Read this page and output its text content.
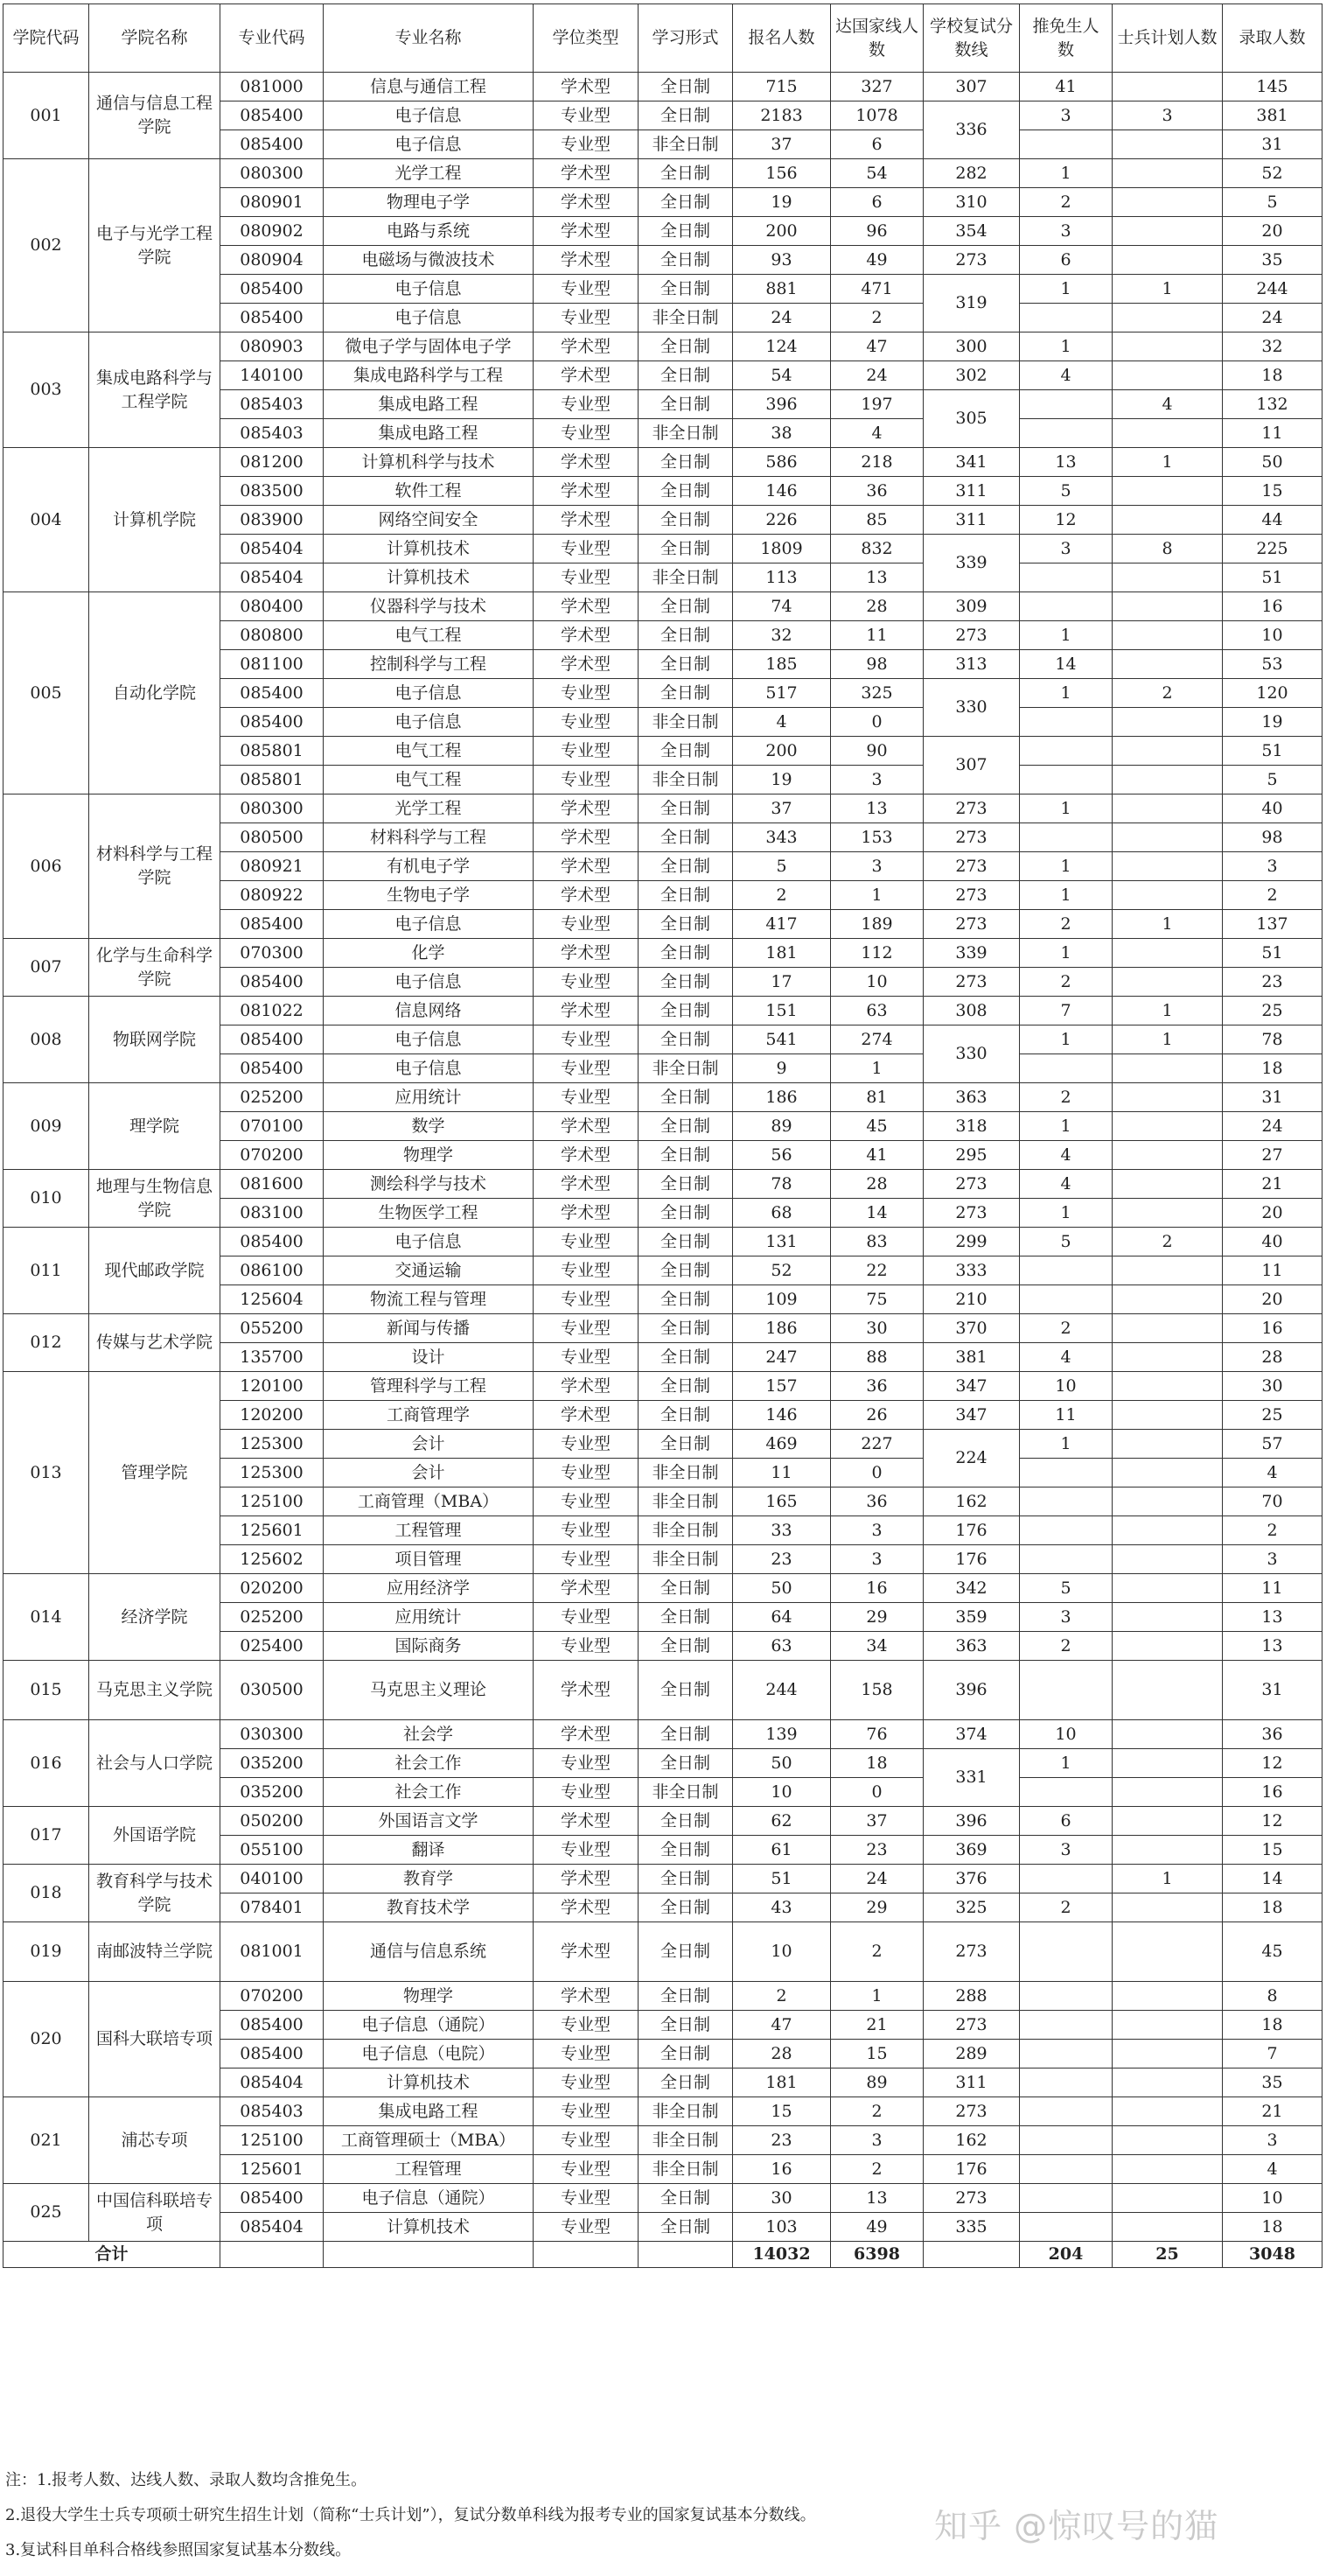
学院代码	学院名称	专业代码	专业名称	学位类型	学习形式	报名人数	达国家线人数	学校复试分数线	推免生人数	士兵计划人数	录取人数
001	通信与信息工程学院	081000	信息与通信工程	学术型	全日制	715	327	307	41		145
		085400	电子信息	专业型	全日制	2183	1078	336	3	3	381
		085400	电子信息	专业型	非全日制	37	6				31
002	电子与光学工程学院	080300	光学工程	学术型	全日制	156	54	282	1		52
		080901	物理电子学	学术型	全日制	19	6	310	2		5
		080902	电路与系统	学术型	全日制	200	96	354	3		20
		080904	电磁场与微波技术	学术型	全日制	93	49	273	6		35
		085400	电子信息	专业型	全日制	881	471	319	1	1	244
		085400	电子信息	专业型	非全日制	24	2				24
003	集成电路科学与工程学院	080903	微电子学与固体电子学	学术型	全日制	124	47	300	1		32
		140100	集成电路科学与工程	学术型	全日制	54	24	302	4		18
		085403	集成电路工程	专业型	全日制	396	197	305		4	132
		085403	集成电路工程	专业型	非全日制	38	4				11
004	计算机学院	081200	计算机科学与技术	学术型	全日制	586	218	341	13	1	50
		083500	软件工程	学术型	全日制	146	36	311	5		15
		083900	网络空间安全	学术型	全日制	226	85	311	12		44
		085404	计算机技术	专业型	全日制	1809	832	339	3	8	225
		085404	计算机技术	专业型	非全日制	113	13				51
005	自动化学院	080400	仪器科学与技术	学术型	全日制	74	28	309			16
		080800	电气工程	学术型	全日制	32	11	273	1		10
		081100	控制科学与工程	学术型	全日制	185	98	313	14		53
		085400	电子信息	专业型	全日制	517	325	330	1	2	120
		085400	电子信息	专业型	非全日制	4	0				19
		085801	电气工程	专业型	全日制	200	90	307			51
		085801	电气工程	专业型	非全日制	19	3				5
006	材料科学与工程学院	080300	光学工程	学术型	全日制	37	13	273	1		40
		080500	材料科学与工程	学术型	全日制	343	153	273			98
		080921	有机电子学	学术型	全日制	5	3	273	1		3
		080922	生物电子学	学术型	全日制	2	1	273	1		2
		085400	电子信息	专业型	全日制	417	189	273	2	1	137
007	化学与生命科学学院	070300	化学	学术型	全日制	181	112	339	1		51
		085400	电子信息	专业型	全日制	17	10	273	2		23
008	物联网学院	081022	信息网络	学术型	全日制	151	63	308	7	1	25
		085400	电子信息	专业型	全日制	541	274	330	1	1	78
		085400	电子信息	专业型	非全日制	9	1				18
009	理学院	025200	应用统计	专业型	全日制	186	81	363	2		31
		070100	数学	学术型	全日制	89	45	318	1		24
		070200	物理学	学术型	全日制	56	41	295	4		27
010	地理与生物信息学院	081600	测绘科学与技术	学术型	全日制	78	28	273	4		21
		083100	生物医学工程	学术型	全日制	68	14	273	1		20
011	现代邮政学院	085400	电子信息	专业型	全日制	131	83	299	5	2	40
		086100	交通运输	专业型	全日制	52	22	333			11
		125604	物流工程与管理	专业型	全日制	109	75	210			20
012	传媒与艺术学院	055200	新闻与传播	专业型	全日制	186	30	370	2		16
		135700	设计	专业型	全日制	247	88	381	4		28
013	管理学院	120100	管理科学与工程	学术型	全日制	157	36	347	10		30
		120200	工商管理学	学术型	全日制	146	26	347	11		25
		125300	会计	专业型	全日制	469	227	224	1		57
		125300	会计	专业型	非全日制	11	0				4
		125100	工商管理（MBA）	专业型	非全日制	165	36	162			70
		125601	工程管理	专业型	非全日制	33	3	176			2
		125602	项目管理	专业型	非全日制	23	3	176			3
014	经济学院	020200	应用经济学	学术型	全日制	50	16	342	5		11
		025200	应用统计	专业型	全日制	64	29	359	3		13
		025400	国际商务	专业型	全日制	63	34	363	2		13
015	马克思主义学院	030500	马克思主义理论	学术型	全日制	244	158	396			31
016	社会与人口学院	030300	社会学	学术型	全日制	139	76	374	10		36
		035200	社会工作	专业型	全日制	50	18	331	1		12
		035200	社会工作	专业型	非全日制	10	0				16
017	外国语学院	050200	外国语言文学	学术型	全日制	62	37	396	6		12
		055100	翻译	专业型	全日制	61	23	369	3		15
018	教育科学与技术学院	040100	教育学	学术型	全日制	51	24	376		1	14
		078401	教育技术学	学术型	全日制	43	29	325	2		18
019	南邮波特兰学院	081001	通信与信息系统	学术型	全日制	10	2	273			45
020	国科大联培专项	070200	物理学	学术型	全日制	2	1	288			8
		085400	电子信息（通院）	专业型	全日制	47	21	273			18
		085400	电子信息（电院）	专业型	全日制	28	15	289			7
		085404	计算机技术	专业型	全日制	181	89	311			35
021	浦芯专项	085403	集成电路工程	专业型	非全日制	15	2	273			21
		125100	工商管理硕士（MBA）	专业型	非全日制	23	3	162			3
		125601	工程管理	专业型	非全日制	16	2	176			4
025	中国信科联培专项	085400	电子信息（通院）	专业型	全日制	30	13	273			10
		085404	计算机技术	专业型	全日制	103	49	335			18
合计						14032	6398		204	25	3048
注：1.报考人数、达线人数、录取人数均含推免生。
2.退役大学生士兵专项硕士研究生招生计划（简称“士兵计划”），复试分数单科线为报考专业的国家复试基本分数线。
3.复试科目单科合格线参照国家复试基本分数线。
知乎 @惊叹号的猫
